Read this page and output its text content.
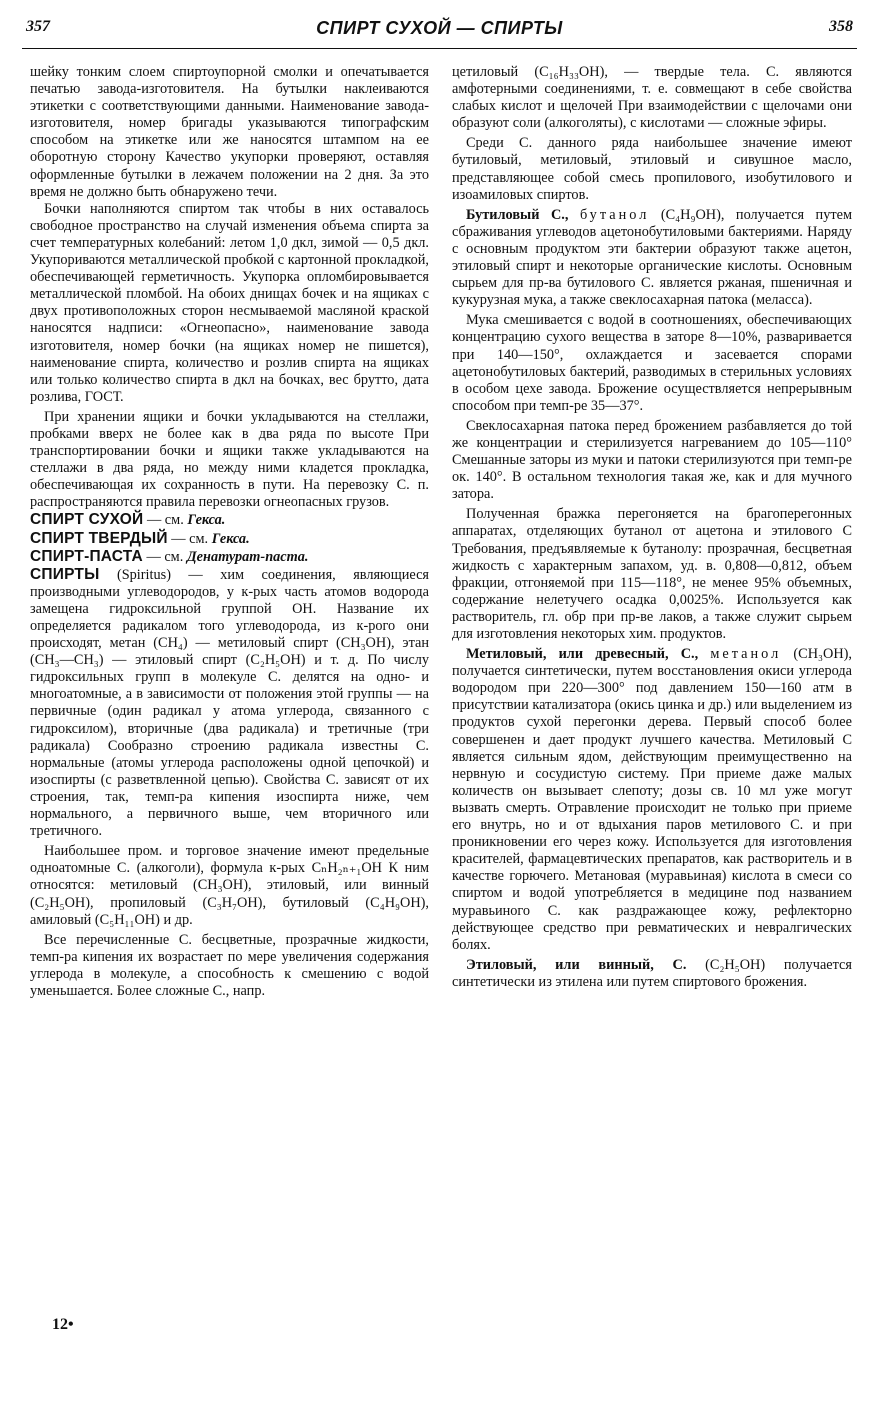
357	СПИРТ СУХОЙ — СПИРТЫ	358

шейку тонким слоем спиртоупорной смолки и опечатывается печатью завода-изготовителя. На бутылки наклеиваются этикетки с соответствующими данными. Наименование завода-изготовителя, номер бригады указываются типографским способом на этикетке или же наносятся штампом на ее оборотную сторону Качество укупорки проверяют, оставляя оформленные бутылки в лежачем положении на 2 дня. За это время не должно быть обнаружено течи.

Бочки наполняются спиртом так чтобы в них оставалось свободное пространство на случай изменения объема спирта за счет температурных колебаний: летом 1,0 дкл, зимой — 0,5 дкл. Укупориваются металлической пробкой с картонной прокладкой, обеспечивающей герметичность. Укупорка опломбировывается металлической пломбой. На обоих днищах бочек и на ящиках с двух противоположных сторон несмываемой масляной краской наносятся надписи: «Огнеопасно», наименование завода изготовителя, номер бочки (на ящиках номер не пишется), наименование спирта, количество и розлив спирта на ящиках или только количество спирта в дкл на бочках, вес брутто, дата розлива, ГОСТ.

При хранении ящики и бочки укладываются на стеллажи, пробками вверх не более как в два ряда по высоте При транспортировании бочки и ящики также укладываются на стеллажи в два ряда, но между ними кладется прокладка, обеспечивающая их сохранность в пути. На перевозку С. п. распространяются правила перевозки огнеопасных грузов.

СПИРТ СУХОЙ — см. Гекса.

СПИРТ ТВЕРДЫЙ — см. Гекса.

СПИРТ-ПАСТА — см. Денатурат-паста.

СПИРТЫ (Spiritus) — хим соединения, являющиеся производными углеводородов, у к-рых часть атомов водорода замещена гидроксильной группой ОН. Название их определяется радикалом того углеводорода, из к-рого они происходят, метан (CH₄) — метиловый спирт (CH₃OH), этан (CH₃—CH₃) — этиловый спирт (C₂H₅OH) и т. д. По числу гидроксильных групп в молекуле С. делятся на одно- и многоатомные, а в зависимости от положения этой группы — на первичные (один радикал у атома углерода, связанного с гидроксилом), вторичные (два радикала) и третичные (три радикала) Сообразно строению радикала известны С. нормальные (атомы углерода расположены одной цепочкой) и изоспирты (с разветвленной цепью). Свойства С. зависят от их строения, так, темп-ра кипения изоспирта ниже, чем нормального, а первичного выше, чем вторичного или третичного.

Наибольшее пром. и торговое значение имеют предельные одноатомные С. (алкоголи), формула к-рых CₙH₂ₙ₊₁OH К ним относятся: метиловый (CH₃OH), этиловый, или винный (C₂H₅OH), пропиловый (C₃H₇OH), бутиловый (C₄H₉OH), амиловый (C₅H₁₁OH) и др.

Все перечисленные С. бесцветные, прозрачные жидкости, темп-ра кипения их возрастает по мере увеличения содержания углерода в молекуле, а способность к смешению с водой уменьшается. Более сложные С., напр.

цетиловый (C₁₆H₃₃OH), — твердые тела. С. являются амфотерными соединениями, т. е. совмещают в себе свойства слабых кислот и щелочей При взаимодействии с щелочами они образуют соли (алкоголяты), с кислотами — сложные эфиры.

Среди С. данного ряда наибольшее значение имеют бутиловый, метиловый, этиловый и сивушное масло, представляющее собой смесь пропилового, изобутилового и изоамиловых спиртов.

Бутиловый С., бутанол (C₄H₉OH), получается путем сбраживания углеводов ацетонобутиловыми бактериями. Наряду с основным продуктом эти бактерии образуют также ацетон, этиловый спирт и некоторые органические кислоты. Основным сырьем для пр-ва бутилового С. является ржаная, пшеничная и кукурузная мука, а также свеклосахарная патока (меласса).

Мука смешивается с водой в соотношениях, обеспечивающих концентрацию сухого вещества в заторе 8—10%, разваривается при 140—150°, охлаждается и засевается спорами ацетонобутиловых бактерий, разводимых в стерильных условиях в особом цехе завода. Брожение осуществляется непрерывным способом при темп-ре 35—37°.

Свеклосахарная патока перед брожением разбавляется до той же концентрации и стерилизуется нагреванием до 105—110° Смешанные заторы из муки и патоки стерилизуются при темп-ре ок. 140°. В остальном технология такая же, как и для мучного затора.

Полученная бражка перегоняется на брагоперегонных аппаратах, отделяющих бутанол от ацетона и этилового С Требования, предъявляемые к бутанолу: прозрачная, бесцветная жидкость с характерным запахом, уд. в. 0,808—0,812, объем фракции, отгоняемой при 115—118°, не менее 95% объемных, содержание нелетучего осадка 0,0025%. Используется как растворитель, гл. обр при пр-ве лаков, а также служит сырьем для изготовления некоторых хим. продуктов.

Метиловый, или древесный, С., метанол (CH₃OH), получается синтетически, путем восстановления окиси углерода водородом при 220—300° под давлением 150—160 атм в присутствии катализатора (окись цинка и др.) или выделением из продуктов сухой перегонки дерева. Первый способ более совершенен и дает продукт лучшего качества. Метиловый С является сильным ядом, действующим преимущественно на нервную и сосудистую систему. При приеме даже малых количеств он вызывает слепоту; дозы св. 10 мл уже могут вызвать смерть. Отравление происходит не только при приеме его внутрь, но и от вдыхания паров метилового С. и при проникновении его через кожу. Используется для изготовления красителей, фармацевтических препаратов, как растворитель и в качестве горючего. Метановая (муравьиная) кислота в смеси со спиртом и водой употребляется в медицине под названием муравьиного С. как раздражающее кожу, рефлекторно действующее средство при ревматических и невралгических болях.

Этиловый, или винный, С. (C₂H₅OH) получается синтетически из этилена или путем спиртового брожения.

12•
